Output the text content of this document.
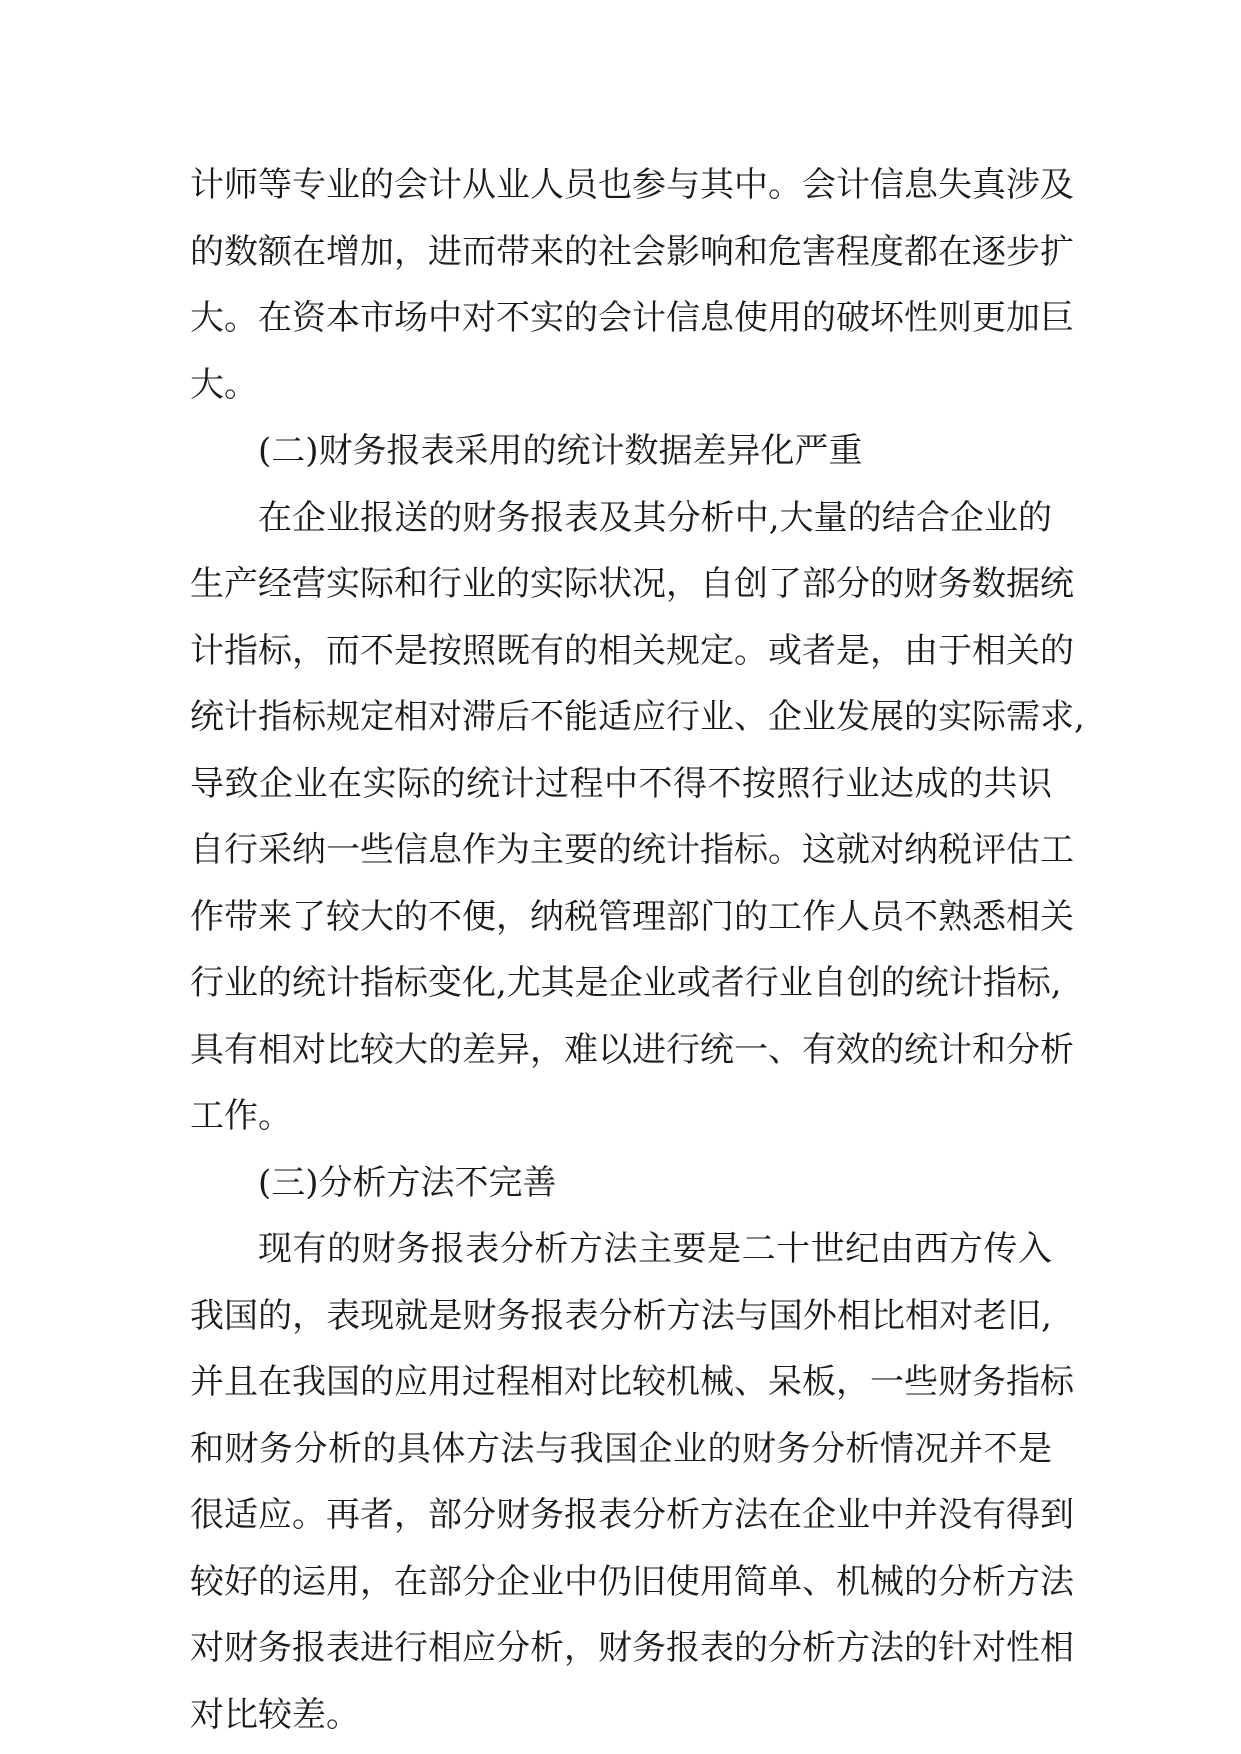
计师等专业的会计从业人员也参与其中。会计信息失真涉及
的数额在增加，进而带来的社会影响和危害程度都在逐步扩
大。在资本市场中对不实的会计信息使用的破坏性则更加巨
大。
(二)财务报表采用的统计数据差异化严重
在企业报送的财务报表及其分析中,大量的结合企业的
生产经营实际和行业的实际状况，自创了部分的财务数据统
计指标，而不是按照既有的相关规定。或者是，由于相关的
统计指标规定相对滞后不能适应行业、企业发展的实际需求,
导致企业在实际的统计过程中不得不按照行业达成的共识
自行采纳一些信息作为主要的统计指标。这就对纳税评估工
作带来了较大的不便，纳税管理部门的工作人员不熟悉相关
行业的统计指标变化,尤其是企业或者行业自创的统计指标,
具有相对比较大的差异，难以进行统一、有效的统计和分析
工作。
(三)分析方法不完善
现有的财务报表分析方法主要是二十世纪由西方传入
我国的，表现就是财务报表分析方法与国外相比相对老旧,
并且在我国的应用过程相对比较机械、呆板，一些财务指标
和财务分析的具体方法与我国企业的财务分析情况并不是
很适应。再者，部分财务报表分析方法在企业中并没有得到
较好的运用，在部分企业中仍旧使用简单、机械的分析方法
对财务报表进行相应分析，财务报表的分析方法的针对性相
对比较差。
